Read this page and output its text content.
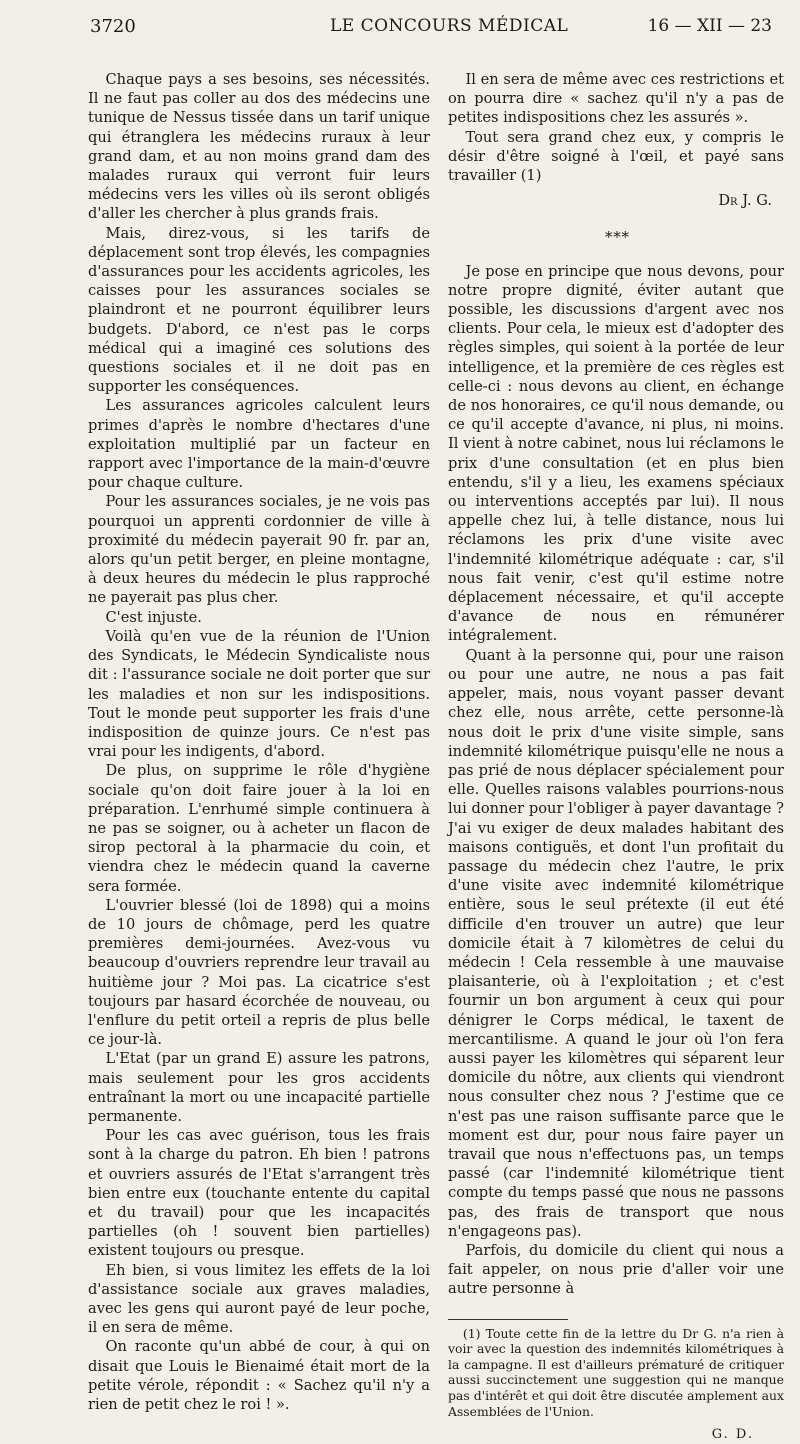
3720	LE CONCOURS MÉDICAL	16 — XII — 23

Chaque pays a ses besoins, ses nécessités. Il ne faut pas coller au dos des médecins une tunique de Nessus tissée dans un tarif unique qui étranglera les médecins ruraux à leur grand dam, et au non moins grand dam des malades ruraux qui verront fuir leurs médecins vers les villes où ils seront obligés d'aller les chercher à plus grands frais.

Mais, direz-vous, si les tarifs de déplacement sont trop élevés, les compagnies d'assurances pour les accidents agricoles, les caisses pour les assurances sociales se plaindront et ne pourront équilibrer leurs budgets. D'abord, ce n'est pas le corps médical qui a imaginé ces solutions des questions sociales et il ne doit pas en supporter les conséquences.

Les assurances agricoles calculent leurs primes d'après le nombre d'hectares d'une exploitation multiplié par un facteur en rapport avec l'importance de la main-d'œuvre pour chaque culture.

Pour les assurances sociales, je ne vois pas pourquoi un apprenti cordonnier de ville à proximité du médecin payerait 90 fr. par an, alors qu'un petit berger, en pleine montagne, à deux heures du médecin le plus rapproché ne payerait pas plus cher.

C'est injuste.

Voilà qu'en vue de la réunion de l'Union des Syndicats, le Médecin Syndicaliste nous dit : l'assurance sociale ne doit porter que sur les maladies et non sur les indispositions. Tout le monde peut supporter les frais d'une indisposition de quinze jours. Ce n'est pas vrai pour les indigents, d'abord.

De plus, on supprime le rôle d'hygiène sociale qu'on doit faire jouer à la loi en préparation. L'enrhumé simple continuera à ne pas se soigner, ou à acheter un flacon de sirop pectoral à la pharmacie du coin, et viendra chez le médecin quand la caverne sera formée.

L'ouvrier blessé (loi de 1898) qui a moins de 10 jours de chômage, perd les quatre premières demi-journées. Avez-vous vu beaucoup d'ouvriers reprendre leur travail au huitième jour ? Moi pas. La cicatrice s'est toujours par hasard écorchée de nouveau, ou l'enflure du petit orteil a repris de plus belle ce jour-là.

L'Etat (par un grand E) assure les patrons, mais seulement pour les gros accidents entraînant la mort ou une incapacité partielle permanente.

Pour les cas avec guérison, tous les frais sont à la charge du patron. Eh bien ! patrons et ouvriers assurés de l'Etat s'arrangent très bien entre eux (touchante entente du capital et du travail) pour que les incapacités partielles (oh ! souvent bien partielles) existent toujours ou presque.

Eh bien, si vous limitez les effets de la loi d'assistance sociale aux graves maladies, avec les gens qui auront payé de leur poche, il en sera de même.

On raconte qu'un abbé de cour, à qui on disait que Louis le Bienaimé était mort de la petite vérole, répondit : « Sachez qu'il n'y a rien de petit chez le roi ! ».

Il en sera de même avec ces restrictions et on pourra dire « sachez qu'il n'y a pas de petites indispositions chez les assurés ».

Tout sera grand chez eux, y compris le désir d'être soigné à l'œil, et payé sans travailler (1)

Dr J. G.
* * *

Je pose en principe que nous devons, pour notre propre dignité, éviter autant que possible, les discussions d'argent avec nos clients. Pour cela, le mieux est d'adopter des règles simples, qui soient à la portée de leur intelligence, et la première de ces règles est celle-ci : nous devons au client, en échange de nos honoraires, ce qu'il nous demande, ou ce qu'il accepte d'avance, ni plus, ni moins. Il vient à notre cabinet, nous lui réclamons le prix d'une consultation (et en plus bien entendu, s'il y a lieu, les examens spéciaux ou interventions acceptés par lui). Il nous appelle chez lui, à telle distance, nous lui réclamons les prix d'une visite avec l'indemnité kilométrique adéquate : car, s'il nous fait venir, c'est qu'il estime notre déplacement nécessaire, et qu'il accepte d'avance de nous en rémunérer intégralement.

Quant à la personne qui, pour une raison ou pour une autre, ne nous a pas fait appeler, mais, nous voyant passer devant chez elle, nous arrête, cette personne-là nous doit le prix d'une visite simple, sans indemnité kilométrique puisqu'elle ne nous a pas prié de nous déplacer spécialement pour elle. Quelles raisons valables pourrions-nous lui donner pour l'obliger à payer davantage ? J'ai vu exiger de deux malades habitant des maisons contiguës, et dont l'un profitait du passage du médecin chez l'autre, le prix d'une visite avec indemnité kilométrique entière, sous le seul prétexte (il eut été difficile d'en trouver un autre) que leur domicile était à 7 kilomètres de celui du médecin ! Cela ressemble à une mauvaise plaisanterie, où à l'exploitation ; et c'est fournir un bon argument à ceux qui pour dénigrer le Corps médical, le taxent de mercantilisme. A quand le jour où l'on fera aussi payer les kilomètres qui séparent leur domicile du nôtre, aux clients qui viendront nous consulter chez nous ? J'estime que ce n'est pas une raison suffisante parce que le moment est dur, pour nous faire payer un travail que nous n'effectuons pas, un temps passé (car l'indemnité kilométrique tient compte du temps passé que nous ne passons pas, des frais de transport que nous n'engageons pas).

Parfois, du domicile du client qui nous a fait appeler, on nous prie d'aller voir une autre personne à

(1) Toute cette fin de la lettre du Dr G. n'a rien à voir avec la question des indemnités kilométriques à la campagne. Il est d'ailleurs prématuré de critiquer aussi succinctement une suggestion qui ne manque pas d'intérêt et qui doit être discutée amplement aux Assemblées de l'Union.

G. D.
